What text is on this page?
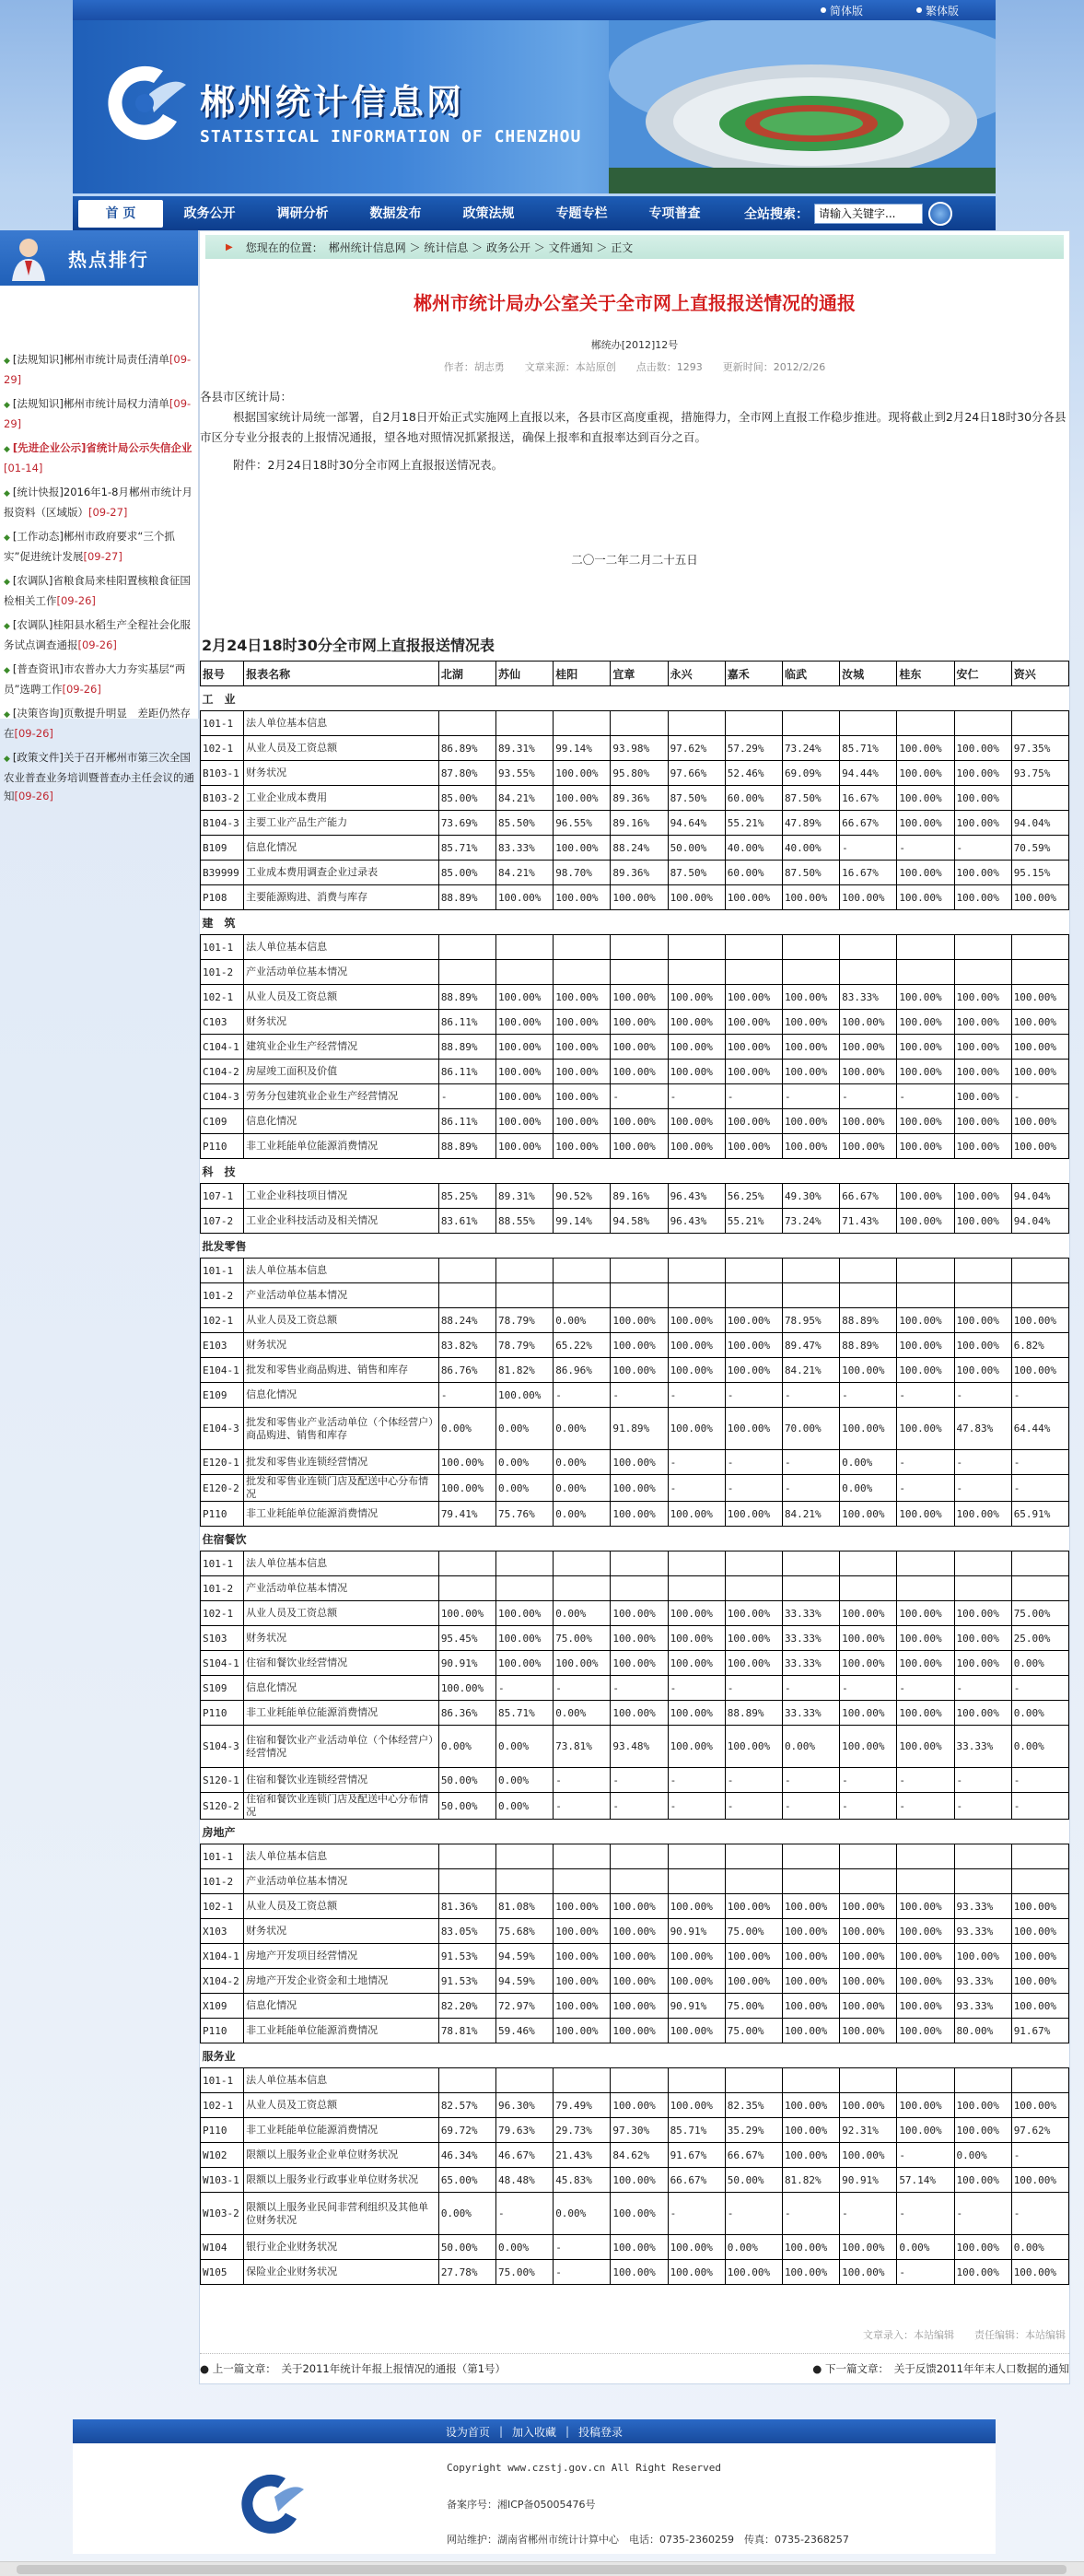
简体版	繁体版
郴州统计信息网
STATISTICAL INFORMATION OF CHENZHOU
首 页	政务公开	调研分析	数据发布	政策法规	专题专栏	专项普查	全站搜索：
请输入关键字...
热点排行
◆ [法规知识]郴州市统计局责任清单[09-29]
◆ [法规知识]郴州市统计局权力清单[09-29]
◆ [先进企业公示]省统计局公示失信企业[01-14]
◆ [统计快报]2016年1-8月郴州市统计月报资料（区域版）[09-27]
◆ [工作动态]郴州市政府要求“三个抓实”促进统计发展[09-27]
◆ [农调队]省粮食局来桂阳置核粮食征国检相关工作[09-26]
◆ [农调队]桂阳县水稻生产全程社会化服务试点调查通报[09-26]
◆ [普查资讯]市农普办大力夯实基层“两员”选聘工作[09-26]
◆ [决策咨询]页敷提升明显　差距仍然存在[09-26]
◆ [政策文件]关于召开郴州市第三次全国农业普查业务培训暨普查办主任会议的通知[09-26]
▶ 您现在的位置：　郴州统计信息网 ＞ 统计信息 ＞ 政务公开 ＞ 文件通知 ＞ 正文
郴州市统计局办公室关于全市网上直报报送情况的通报
郴统办[2012]12号
作者：胡志勇 文章来源：本站原创 点击数：1293 更新时间：2012/2/26

各县市区统计局：

根据国家统计局统一部署，自2月18日开始正式实施网上直报以来，各县市区高度重视，措施得力，全市网上直报工作稳步推进。现将截止到2月24日18时30分各县市区分专业分报表的上报情况通报，望各地对照情况抓紧报送，确保上报率和直报率达到百分之百。

附件：2月24日18时30分全市网上直报报送情况表。

二〇一二年二月二十五日
2月24日18时30分全市网上直报报送情况表
报号	报表名称	北湖	苏仙	桂阳	宜章	永兴	嘉禾	临武	汝城	桂东	安仁	资兴
工　业												
101-1	法人单位基本信息											
102-1	从业人员及工资总额	86.89%	89.31%	99.14%	93.98%	97.62%	57.29%	73.24%	85.71%	100.00%	100.00%	97.35%
B103-1	财务状况	87.80%	93.55%	100.00%	95.80%	97.66%	52.46%	69.09%	94.44%	100.00%	100.00%	93.75%
B103-2	工业企业成本费用	85.00%	84.21%	100.00%	89.36%	87.50%	60.00%	87.50%	16.67%	100.00%	100.00%	
B104-3	主要工业产品生产能力	73.69%	85.50%	96.55%	89.16%	94.64%	55.21%	47.89%	66.67%	100.00%	100.00%	94.04%
B109	信息化情况	85.71%	83.33%	100.00%	88.24%	50.00%	40.00%	40.00%	-	-	-	70.59%
B39999	工业成本费用调查企业过录表	85.00%	84.21%	98.70%	89.36%	87.50%	60.00%	87.50%	16.67%	100.00%	100.00%	95.15%
P108	主要能源购进、消费与库存	88.89%	100.00%	100.00%	100.00%	100.00%	100.00%	100.00%	100.00%	100.00%	100.00%	100.00%
建　筑												
101-1	法人单位基本信息											
101-2	产业活动单位基本情况											
102-1	从业人员及工资总额	88.89%	100.00%	100.00%	100.00%	100.00%	100.00%	100.00%	83.33%	100.00%	100.00%	100.00%
C103	财务状况	86.11%	100.00%	100.00%	100.00%	100.00%	100.00%	100.00%	100.00%	100.00%	100.00%	100.00%
C104-1	建筑业企业生产经营情况	88.89%	100.00%	100.00%	100.00%	100.00%	100.00%	100.00%	100.00%	100.00%	100.00%	100.00%
C104-2	房屋竣工面积及价值	86.11%	100.00%	100.00%	100.00%	100.00%	100.00%	100.00%	100.00%	100.00%	100.00%	100.00%
C104-3	劳务分包建筑业企业生产经营情况	-	100.00%	100.00%	-	-	-	-	-	-	100.00%	-
C109	信息化情况	86.11%	100.00%	100.00%	100.00%	100.00%	100.00%	100.00%	100.00%	100.00%	100.00%	100.00%
P110	非工业耗能单位能源消费情况	88.89%	100.00%	100.00%	100.00%	100.00%	100.00%	100.00%	100.00%	100.00%	100.00%	100.00%
科　技												
107-1	工业企业科技项目情况	85.25%	89.31%	90.52%	89.16%	96.43%	56.25%	49.30%	66.67%	100.00%	100.00%	94.04%
107-2	工业企业科技活动及相关情况	83.61%	88.55%	99.14%	94.58%	96.43%	55.21%	73.24%	71.43%	100.00%	100.00%	94.04%
批发零售												
101-1	法人单位基本信息											
101-2	产业活动单位基本情况											
102-1	从业人员及工资总额	88.24%	78.79%	0.00%	100.00%	100.00%	100.00%	78.95%	88.89%	100.00%	100.00%	100.00%
E103	财务状况	83.82%	78.79%	65.22%	100.00%	100.00%	100.00%	89.47%	88.89%	100.00%	100.00%	6.82%
E104-1	批发和零售业商品购进、销售和库存	86.76%	81.82%	86.96%	100.00%	100.00%	100.00%	84.21%	100.00%	100.00%	100.00%	100.00%
E109	信息化情况	-	100.00%	-	-	-	-	-	-	-	-	-
E104-3	批发和零售业产业活动单位（个体经营户）商品购进、销售和库存	0.00%	0.00%	0.00%	91.89%	100.00%	100.00%	70.00%	100.00%	100.00%	47.83%	64.44%
E120-1	批发和零售业连锁经营情况	100.00%	0.00%	0.00%	100.00%	-	-	-	0.00%	-	-	-
E120-2	批发和零售业连锁门店及配送中心分布情况	100.00%	0.00%	0.00%	100.00%	-	-	-	0.00%	-	-	-
P110	非工业耗能单位能源消费情况	79.41%	75.76%	0.00%	100.00%	100.00%	100.00%	84.21%	100.00%	100.00%	100.00%	65.91%
住宿餐饮												
101-1	法人单位基本信息											
101-2	产业活动单位基本情况											
102-1	从业人员及工资总额	100.00%	100.00%	0.00%	100.00%	100.00%	100.00%	33.33%	100.00%	100.00%	100.00%	75.00%
S103	财务状况	95.45%	100.00%	75.00%	100.00%	100.00%	100.00%	33.33%	100.00%	100.00%	100.00%	25.00%
S104-1	住宿和餐饮业经营情况	90.91%	100.00%	100.00%	100.00%	100.00%	100.00%	33.33%	100.00%	100.00%	100.00%	0.00%
S109	信息化情况	100.00%	-	-	-	-	-	-	-	-	-	-
P110	非工业耗能单位能源消费情况	86.36%	85.71%	0.00%	100.00%	100.00%	88.89%	33.33%	100.00%	100.00%	100.00%	0.00%
S104-3	住宿和餐饮业产业活动单位（个体经营户）经营情况	0.00%	0.00%	73.81%	93.48%	100.00%	100.00%	0.00%	100.00%	100.00%	33.33%	0.00%
S120-1	住宿和餐饮业连锁经营情况	50.00%	0.00%	-	-	-	-	-	-	-	-	-
S120-2	住宿和餐饮业连锁门店及配送中心分布情况	50.00%	0.00%	-	-	-	-	-	-	-	-	-
房地产												
101-1	法人单位基本信息											
101-2	产业活动单位基本情况											
102-1	从业人员及工资总额	81.36%	81.08%	100.00%	100.00%	100.00%	100.00%	100.00%	100.00%	100.00%	93.33%	100.00%
X103	财务状况	83.05%	75.68%	100.00%	100.00%	90.91%	75.00%	100.00%	100.00%	100.00%	93.33%	100.00%
X104-1	房地产开发项目经营情况	91.53%	94.59%	100.00%	100.00%	100.00%	100.00%	100.00%	100.00%	100.00%	100.00%	100.00%
X104-2	房地产开发企业资金和土地情况	91.53%	94.59%	100.00%	100.00%	100.00%	100.00%	100.00%	100.00%	100.00%	93.33%	100.00%
X109	信息化情况	82.20%	72.97%	100.00%	100.00%	90.91%	75.00%	100.00%	100.00%	100.00%	93.33%	100.00%
P110	非工业耗能单位能源消费情况	78.81%	59.46%	100.00%	100.00%	100.00%	75.00%	100.00%	100.00%	100.00%	80.00%	91.67%
服务业												
101-1	法人单位基本信息											
102-1	从业人员及工资总额	82.57%	96.30%	79.49%	100.00%	100.00%	82.35%	100.00%	100.00%	100.00%	100.00%	100.00%
P110	非工业耗能单位能源消费情况	69.72%	79.63%	29.73%	97.30%	85.71%	35.29%	100.00%	92.31%	100.00%	100.00%	97.62%
W102	限额以上服务业企业单位财务状况	46.34%	46.67%	21.43%	84.62%	91.67%	66.67%	100.00%	100.00%	-	0.00%	-
W103-1	限额以上服务业行政事业单位财务状况	65.00%	48.48%	45.83%	100.00%	66.67%	50.00%	81.82%	90.91%	57.14%	100.00%	100.00%
W103-2	限额以上服务业民间非营利组织及其他单位财务状况	0.00%	-	0.00%	100.00%	-	-	-	-	-	-	-
W104	银行业企业财务状况	50.00%	0.00%	-	100.00%	100.00%	0.00%	100.00%	100.00%	0.00%	100.00%	0.00%
W105	保险业企业财务状况	27.78%	75.00%	-	100.00%	100.00%	100.00%	100.00%	100.00%	-	100.00%	100.00%
文章录入：本站编辑　　责任编辑：本站编辑
● 上一篇文章：　关于2011年统计年报上报情况的通报（第1号）	● 下一篇文章：　关于反馈2011年年末人口数据的通知
设为首页 | 加入收藏 | 投稿登录
Copyright www.czstj.gov.cn All Right Reserved
备案序号：湘ICP备05005476号
网站维护：湖南省郴州市统计计算中心　电话：0735-2360259　传真：0735-2368257
